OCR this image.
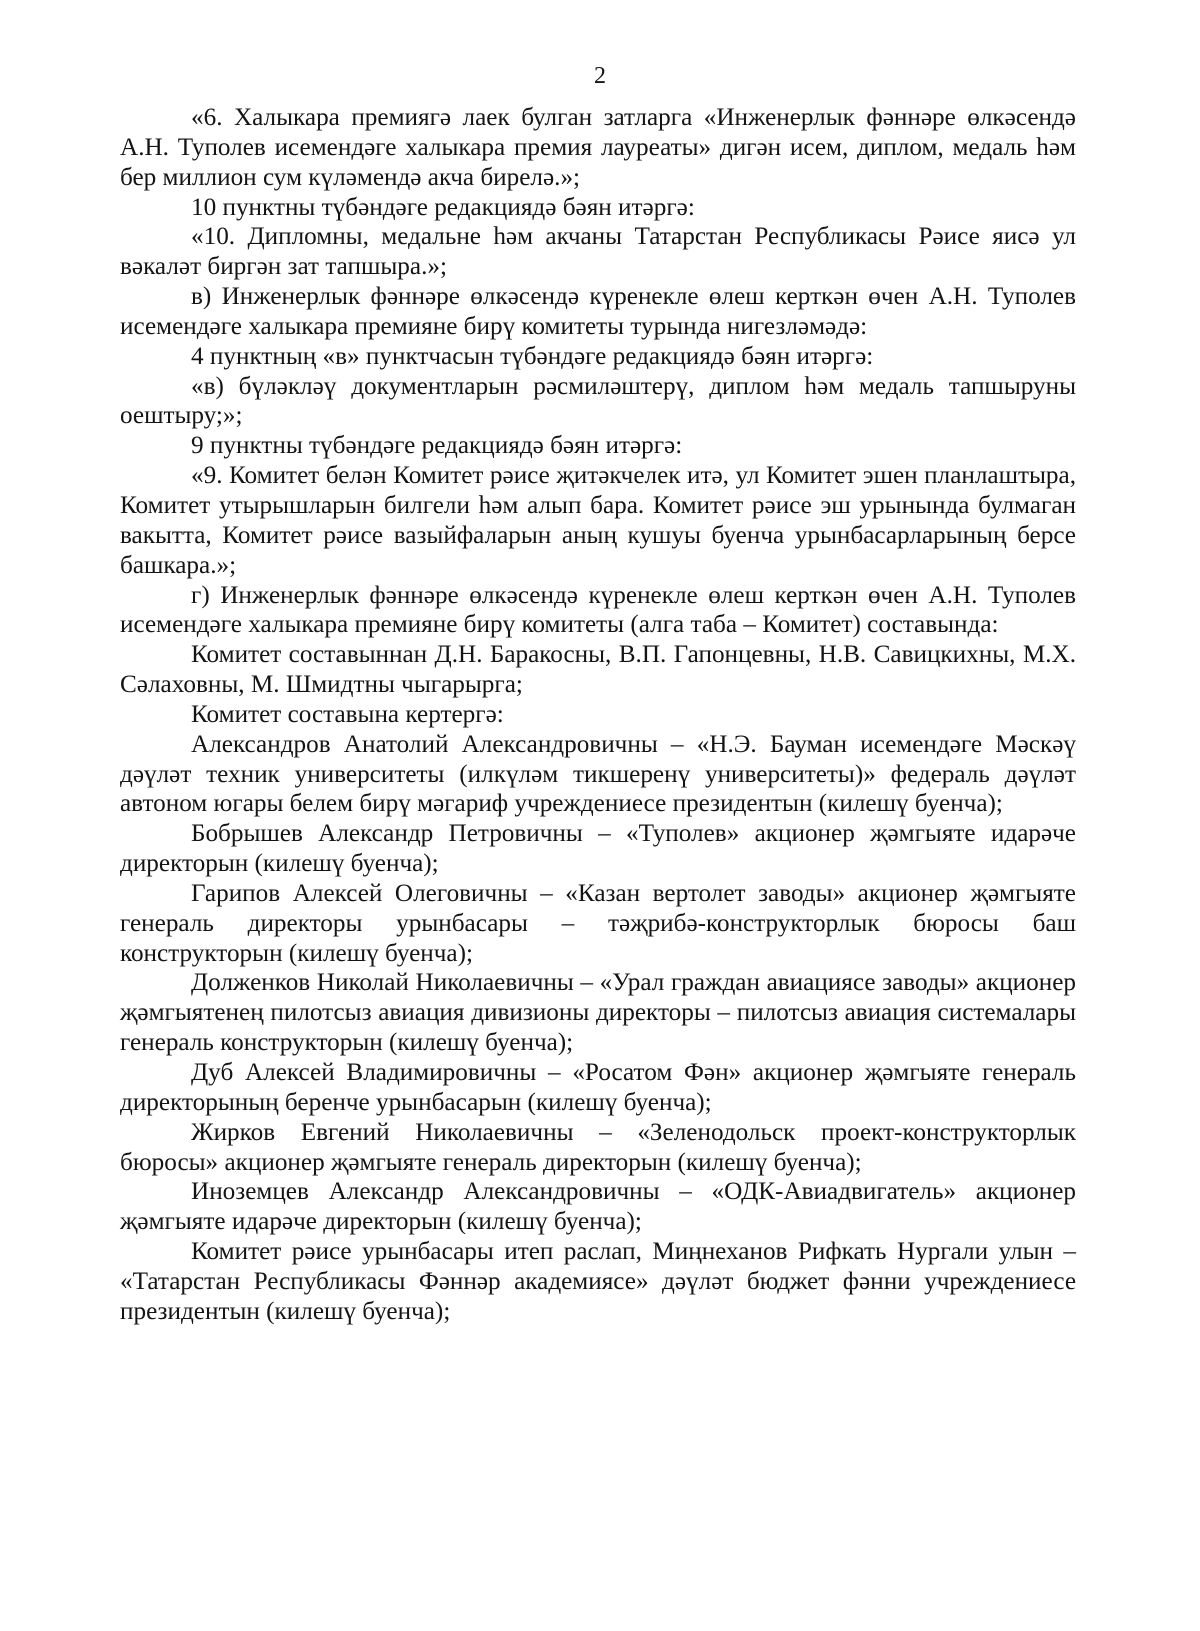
2

«6. Халыкара премиягә лаек булган затларга «Инженерлык фәннәре өлкәсендә А.Н. Туполев исемендәге халыкара премия лауреаты» дигән исем, диплом, медаль һәм бер миллион сум күләмендә акча бирелә.»;

10 пунктны түбәндәге редакциядә бәян итәргә:

«10. Дипломны, медальне һәм акчаны Татарстан Республикасы Рәисе яисә ул вәкаләт биргән зат тапшыра.»;

в) Инженерлык фәннәре өлкәсендә күренекле өлеш керткән өчен А.Н. Туполев исемендәге халыкара премияне бирү комитеты турында нигезләмәдә:

4 пунктның «в» пунктчасын түбәндәге редакциядә бәян итәргә:

«в) бүләкләү документларын рәсмиләштерү, диплом һәм медаль тапшыруны оештыру;»;

9 пунктны түбәндәге редакциядә бәян итәргә:

«9. Комитет белән Комитет рәисе җитәкчелек итә, ул Комитет эшен планлаштыра, Комитет утырышларын билгели һәм алып бара. Комитет рәисе эш урынында булмаган вакытта, Комитет рәисе вазыйфаларын аның кушуы буенча урынбасарларының берсе башкара.»;

г) Инженерлык фәннәре өлкәсендә күренекле өлеш керткән өчен А.Н. Туполев исемендәге халыкара премияне бирү комитеты (алга таба – Комитет) составында:

Комитет составыннан Д.Н. Баракосны, В.П. Гапонцевны, Н.В. Савицкихны, М.Х. Сәлаховны, М. Шмидтны чыгарырга;

Комитет составына кертергә:

Александров Анатолий Александровичны – «Н.Э. Бауман исемендәге Мәскәү дәүләт техник университеты (илкүләм тикшеренү университеты)» федераль дәүләт автоном югары белем бирү мәгариф учреждениесе президентын (килешү буенча);

Бобрышев Александр Петровичны – «Туполев» акционер җәмгыяте идарәче директорын (килешү буенча);

Гарипов Алексей Олеговичны – «Казан вертолет заводы» акционер җәмгыяте генераль директоры урынбасары – тәҗрибә-конструкторлык бюросы баш конструкторын (килешү буенча);

Долженков Николай Николаевичны – «Урал граждан авиациясе заводы» акционер җәмгыятенең пилотсыз авиация дивизионы директоры – пилотсыз авиация системалары генераль конструкторын (килешү буенча);

Дуб Алексей Владимировичны – «Росатом Фән» акционер җәмгыяте генераль директорының беренче урынбасарын (килешү буенча);

Жирков Евгений Николаевичны – «Зеленодольск проект-конструкторлык бюросы» акционер җәмгыяте генераль директорын (килешү буенча);

Иноземцев Александр Александровичны – «ОДК-Авиадвигатель» акционер җәмгыяте идарәче директорын (килешү буенча);

Комитет рәисе урынбасары итеп раслап, Миңнеханов Рифкать Нургали улын – «Татарстан Республикасы Фәннәр академиясе» дәүләт бюджет фәнни учреждениесе президентын (килешү буенча);
